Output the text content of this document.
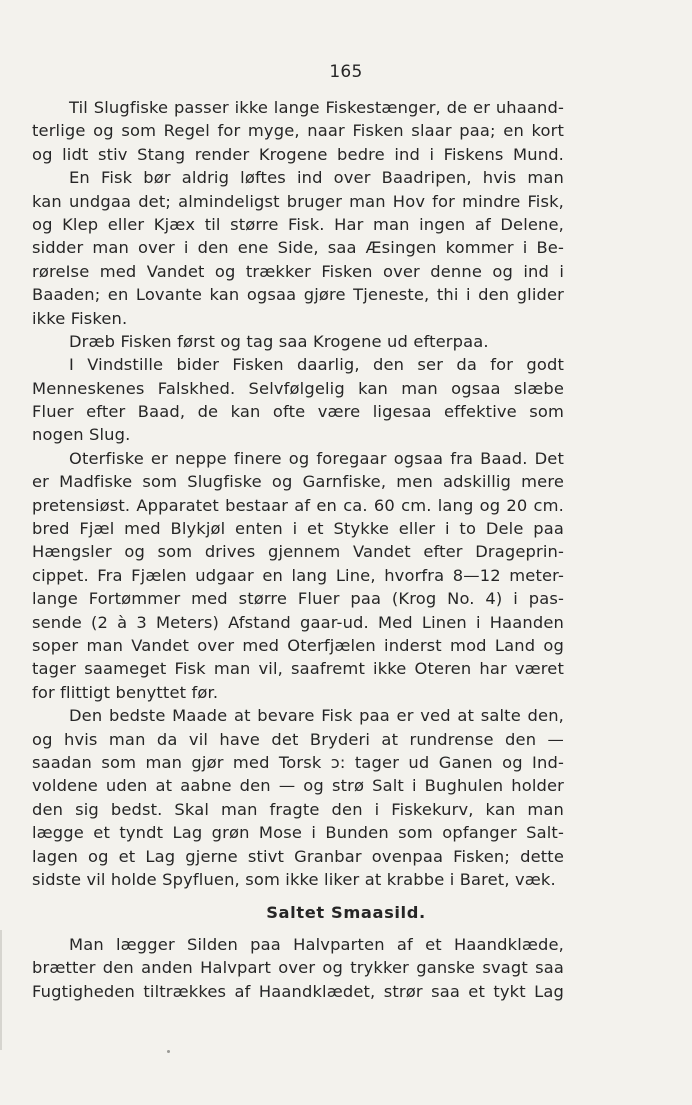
165
Til Slugfiske passer ikke lange Fiskestænger, de er uhaand-
terlige og som Regel for myge, naar Fisken slaar paa; en kort
og lidt stiv Stang render Krogene bedre ind i Fiskens Mund.
En Fisk bør aldrig løftes ind over Baadripen, hvis man
kan undgaa det; almindeligst bruger man Hov for mindre Fisk,
og Klep eller Kjæx til større Fisk. Har man ingen af Delene,
sidder man over i den ene Side, saa Æsingen kommer i Be-
røreIse med Vandet og trækker Fisken over denne og ind i
Baaden; en Lovante kan ogsaa gjøre Tjeneste, thi i den glider
ikke Fisken.
Dræb Fisken først og tag saa Krogene ud efterpaa.
I Vindstille bider Fisken daarlig, den ser da for godt
Menneskenes Falskhed. Selvfølgelig kan man ogsaa slæbe
Fluer efter Baad, de kan ofte være ligesaa effektive som
nogen Slug.
Oterfiske er neppe finere og foregaar ogsaa fra Baad. Det
er Madfiske som Slugfiske og Garnfiske, men adskillig mere
pretensiøst. Apparatet bestaar af en ca. 60 cm. lang og 20 cm.
bred Fjæl med Blykjøl enten i et Stykke eller i to Dele paa
Hængsler og som drives gjennem Vandet efter Drageprin-
cippet. Fra Fjælen udgaar en lang Line, hvorfra 8—12 meter-
lange Fortømmer med større Fluer paa (Krog No. 4) i pas-
sende (2 à 3 Meters) Afstand gaar-ud. Med Linen i Haanden
soper man Vandet over med Oterfjælen inderst mod Land og
tager saameget Fisk man vil, saafremt ikke Oteren har været
for flittigt benyttet før.
Den bedste Maade at bevare Fisk paa er ved at salte den,
og hvis man da vil have det Bryderi at rundrense den —
saadan som man gjør med Torsk ɔ: tager ud Ganen og Ind-
voldene uden at aabne den — og strø Salt i Bughulen holder
den sig bedst. Skal man fragte den i Fiskekurv, kan man
lægge et tyndt Lag grøn Mose i Bunden som opfanger Salt-
lagen og et Lag gjerne stivt Granbar ovenpaa Fisken; dette
sidste vil holde Spyfluen, som ikke liker at krabbe i Baret, væk.
Saltet Smaasild.
Man lægger Silden paa Halvparten af et Haandklæde,
brætter den anden Halvpart over og trykker ganske svagt saa
Fugtigheden tiltrækkes af Haandklædet, strør saa et tykt Lag
